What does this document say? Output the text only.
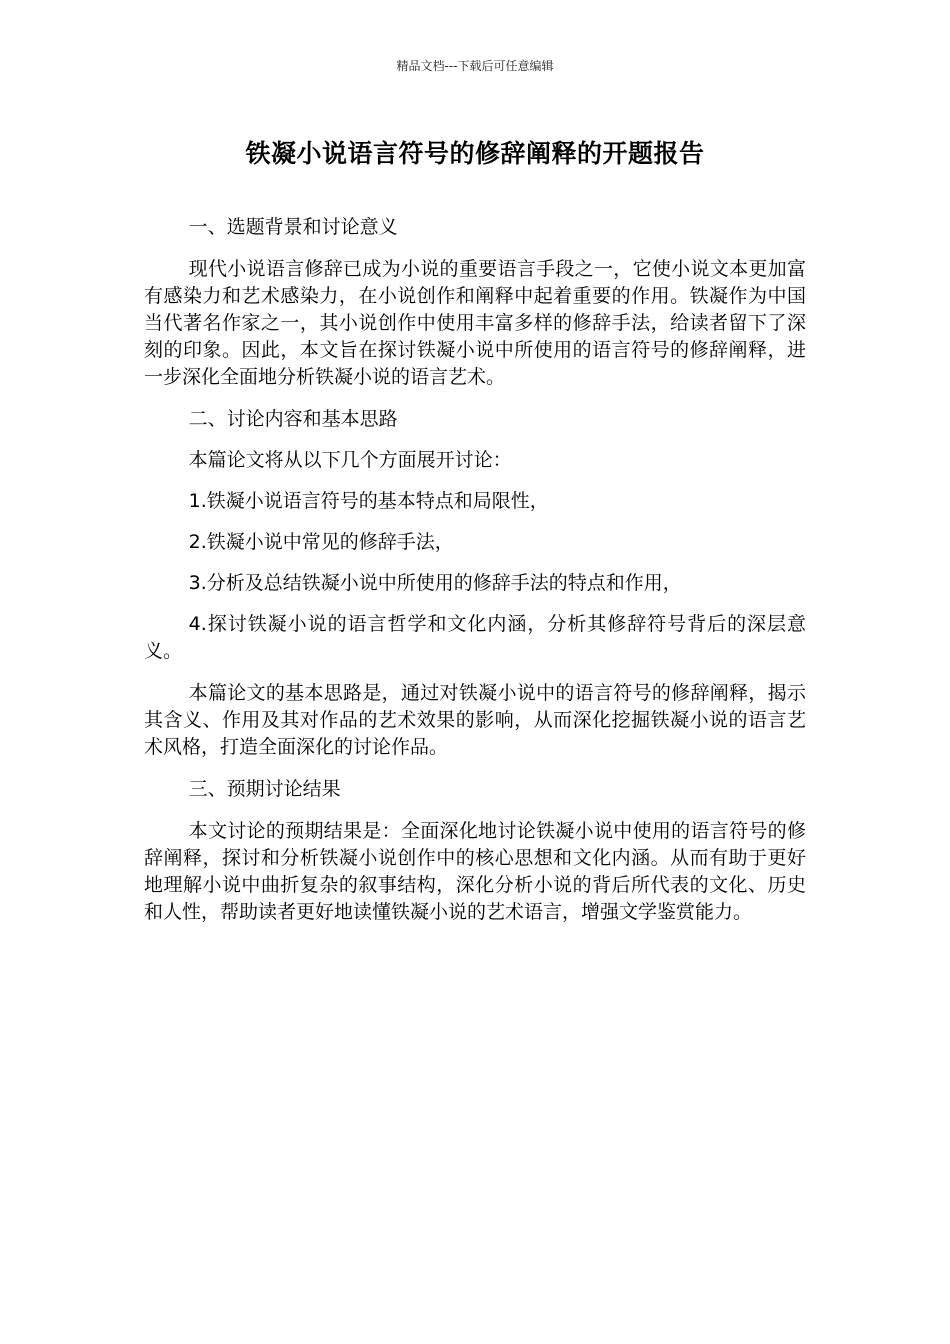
精品文档---下载后可任意编辑
铁凝小说语言符号的修辞阐释的开题报告

一、选题背景和讨论意义

现代小说语言修辞已成为小说的重要语言手段之一，它使小说文本更加富有感染力和艺术感染力，在小说创作和阐释中起着重要的作用。铁凝作为中国当代著名作家之一，其小说创作中使用丰富多样的修辞手法，给读者留下了深刻的印象。因此，本文旨在探讨铁凝小说中所使用的语言符号的修辞阐释，进一步深化全面地分析铁凝小说的语言艺术。

二、讨论内容和基本思路

本篇论文将从以下几个方面展开讨论：

1.铁凝小说语言符号的基本特点和局限性，

2.铁凝小说中常见的修辞手法，

3.分析及总结铁凝小说中所使用的修辞手法的特点和作用，

4.探讨铁凝小说的语言哲学和文化内涵，分析其修辞符号背后的深层意义。

本篇论文的基本思路是，通过对铁凝小说中的语言符号的修辞阐释，揭示其含义、作用及其对作品的艺术效果的影响，从而深化挖掘铁凝小说的语言艺术风格，打造全面深化的讨论作品。

三、预期讨论结果

本文讨论的预期结果是：全面深化地讨论铁凝小说中使用的语言符号的修辞阐释，探讨和分析铁凝小说创作中的核心思想和文化内涵。从而有助于更好地理解小说中曲折复杂的叙事结构，深化分析小说的背后所代表的文化、历史和人性，帮助读者更好地读懂铁凝小说的艺术语言，增强文学鉴赏能力。
